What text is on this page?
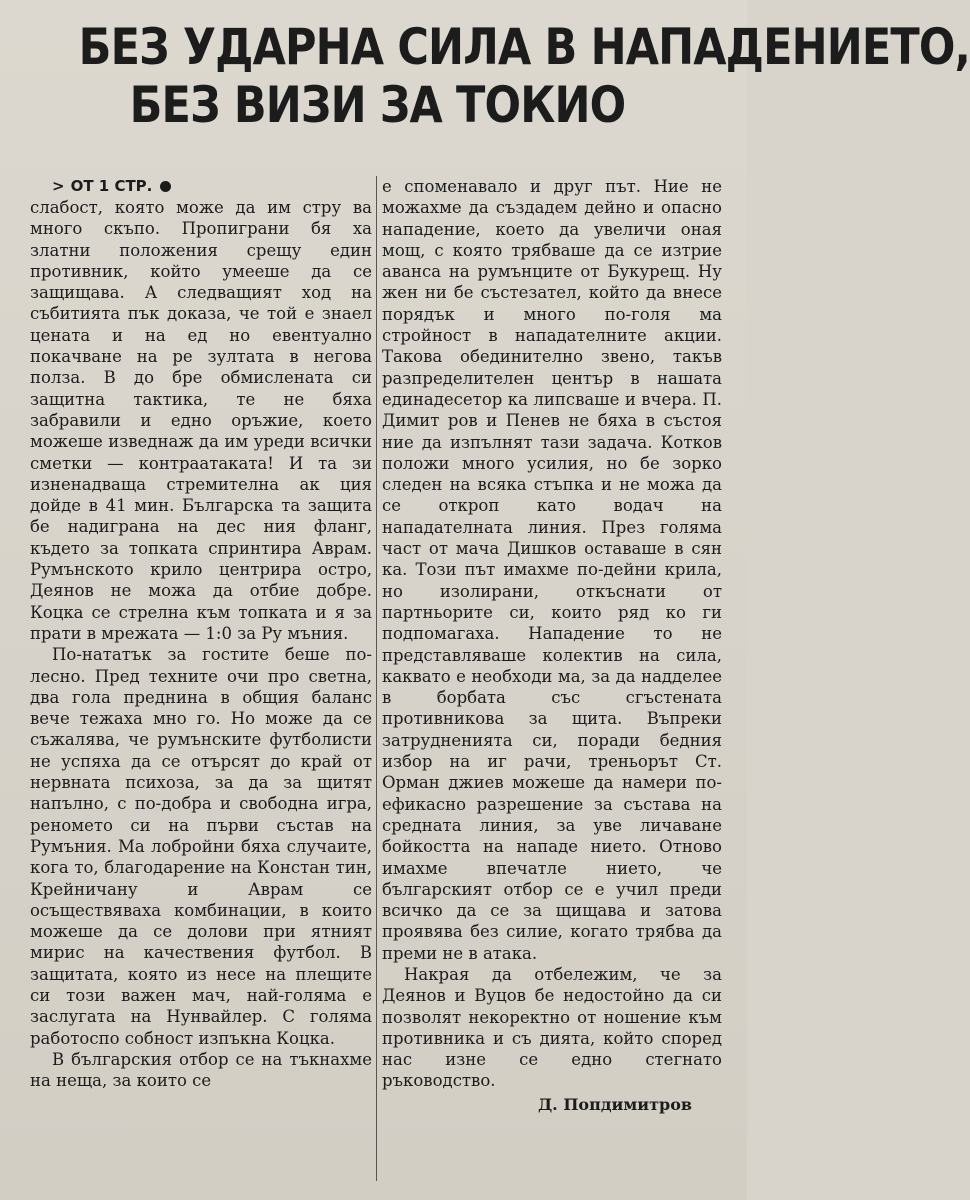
БЕЗ УДАРНА СИЛА В НАПАДЕНИЕТО,
БЕЗ ВИЗИ ЗА ТОКИО
> ОТ 1 СТР.

слабост, която може да им стру ва много скъпо. Пропиграни бя ха златни положения срещу един противник, който умееше да се защищава. А следващият ход на събитията пък доказа, че той е знаел цената и на ед но евентуално покачване на ре зултата в негова полза. В до бре обмислената си защитна тактика, те не бяха забравили и едно оръжие, което можеше изведнаж да им уреди всички сметки — контраатаката! И та зи изненадваща стремителна ак ция дойде в 41 мин. Българска та защита бе надиграна на дес ния фланг, където за топката спринтира Аврам. Румънското крило центрира остро, Деянов не можа да отбие добре. Коцка се стрелна към топката и я за прати в мрежата — 1:0 за Ру мъния.

По-нататък за гостите беше по-лесно. Пред техните очи про светна, два гола преднина в общия баланс вече тежаха мно го. Но може да се съжалява, че румънските футболисти не успяха да се отърсят до край от нервната психоза, за да за щитят напълно, с по-добра и свободна игра, реномето си на първи състав на Румъния. Ма лобройни бяха случаите, кога то, благодарение на Констан тин, Крейничану и Аврам се осъществяваха комбинации, в които можеше да се долови при ятният мирис на качествения футбол. В защитата, която из несе на плещите си този важен мач, най-голяма е заслугата на Нунвайлер. С голяма работоспо собност изпъкна Коцка.

В българския отбор се на тъкнахме на неща, за които се

е споменавало и друг път. Ние не можахме да създадем дейно и опасно нападение, което да увеличи оная мощ, с която трябваше да се изтрие аванса на румънците от Букурещ. Ну жен ни бе състезател, който да внесе порядък и много по-голя ма стройност в нападателните акции. Такова обединително звено, такъв разпределителен център в нашата единадесетор ка липсваше и вчера. П. Димит ров и Пенев не бяха в състоя ние да изпълнят тази задача. Котков положи много усилия, но бе зорко следен на всяка стъпка и не можа да се откроп като водач на нападателната линия. През голяма част от мача Дишков оставаше в сян ка. Този път имахме по-дейни крила, но изолирани, откъснати от партньорите си, които ряд ко ги подпомагаха. Нападение то не представляваше колектив на сила, каквато е необходи ма, за да надделее в борбата със сгъстената противникова за щита. Въпреки затрудненията си, поради бедния избор на иг рачи, треньорът Ст. Орман джиев можеше да намери по-ефикасно разрешение за състава на средната линия, за уве личаване бойкостта на нападе нието. Отново имахме впечатле нието, че българският отбор се е учил преди всичко да се за щищава и затова проявява без силие, когато трябва да преми не в атака.

Накрая да отбележим, че за Деянов и Вуцов бе недостойно да си позволят некоректно от ношение към противника и съ дията, който според нас изне се едно стегнато ръководство.

Д. Попдимитров
